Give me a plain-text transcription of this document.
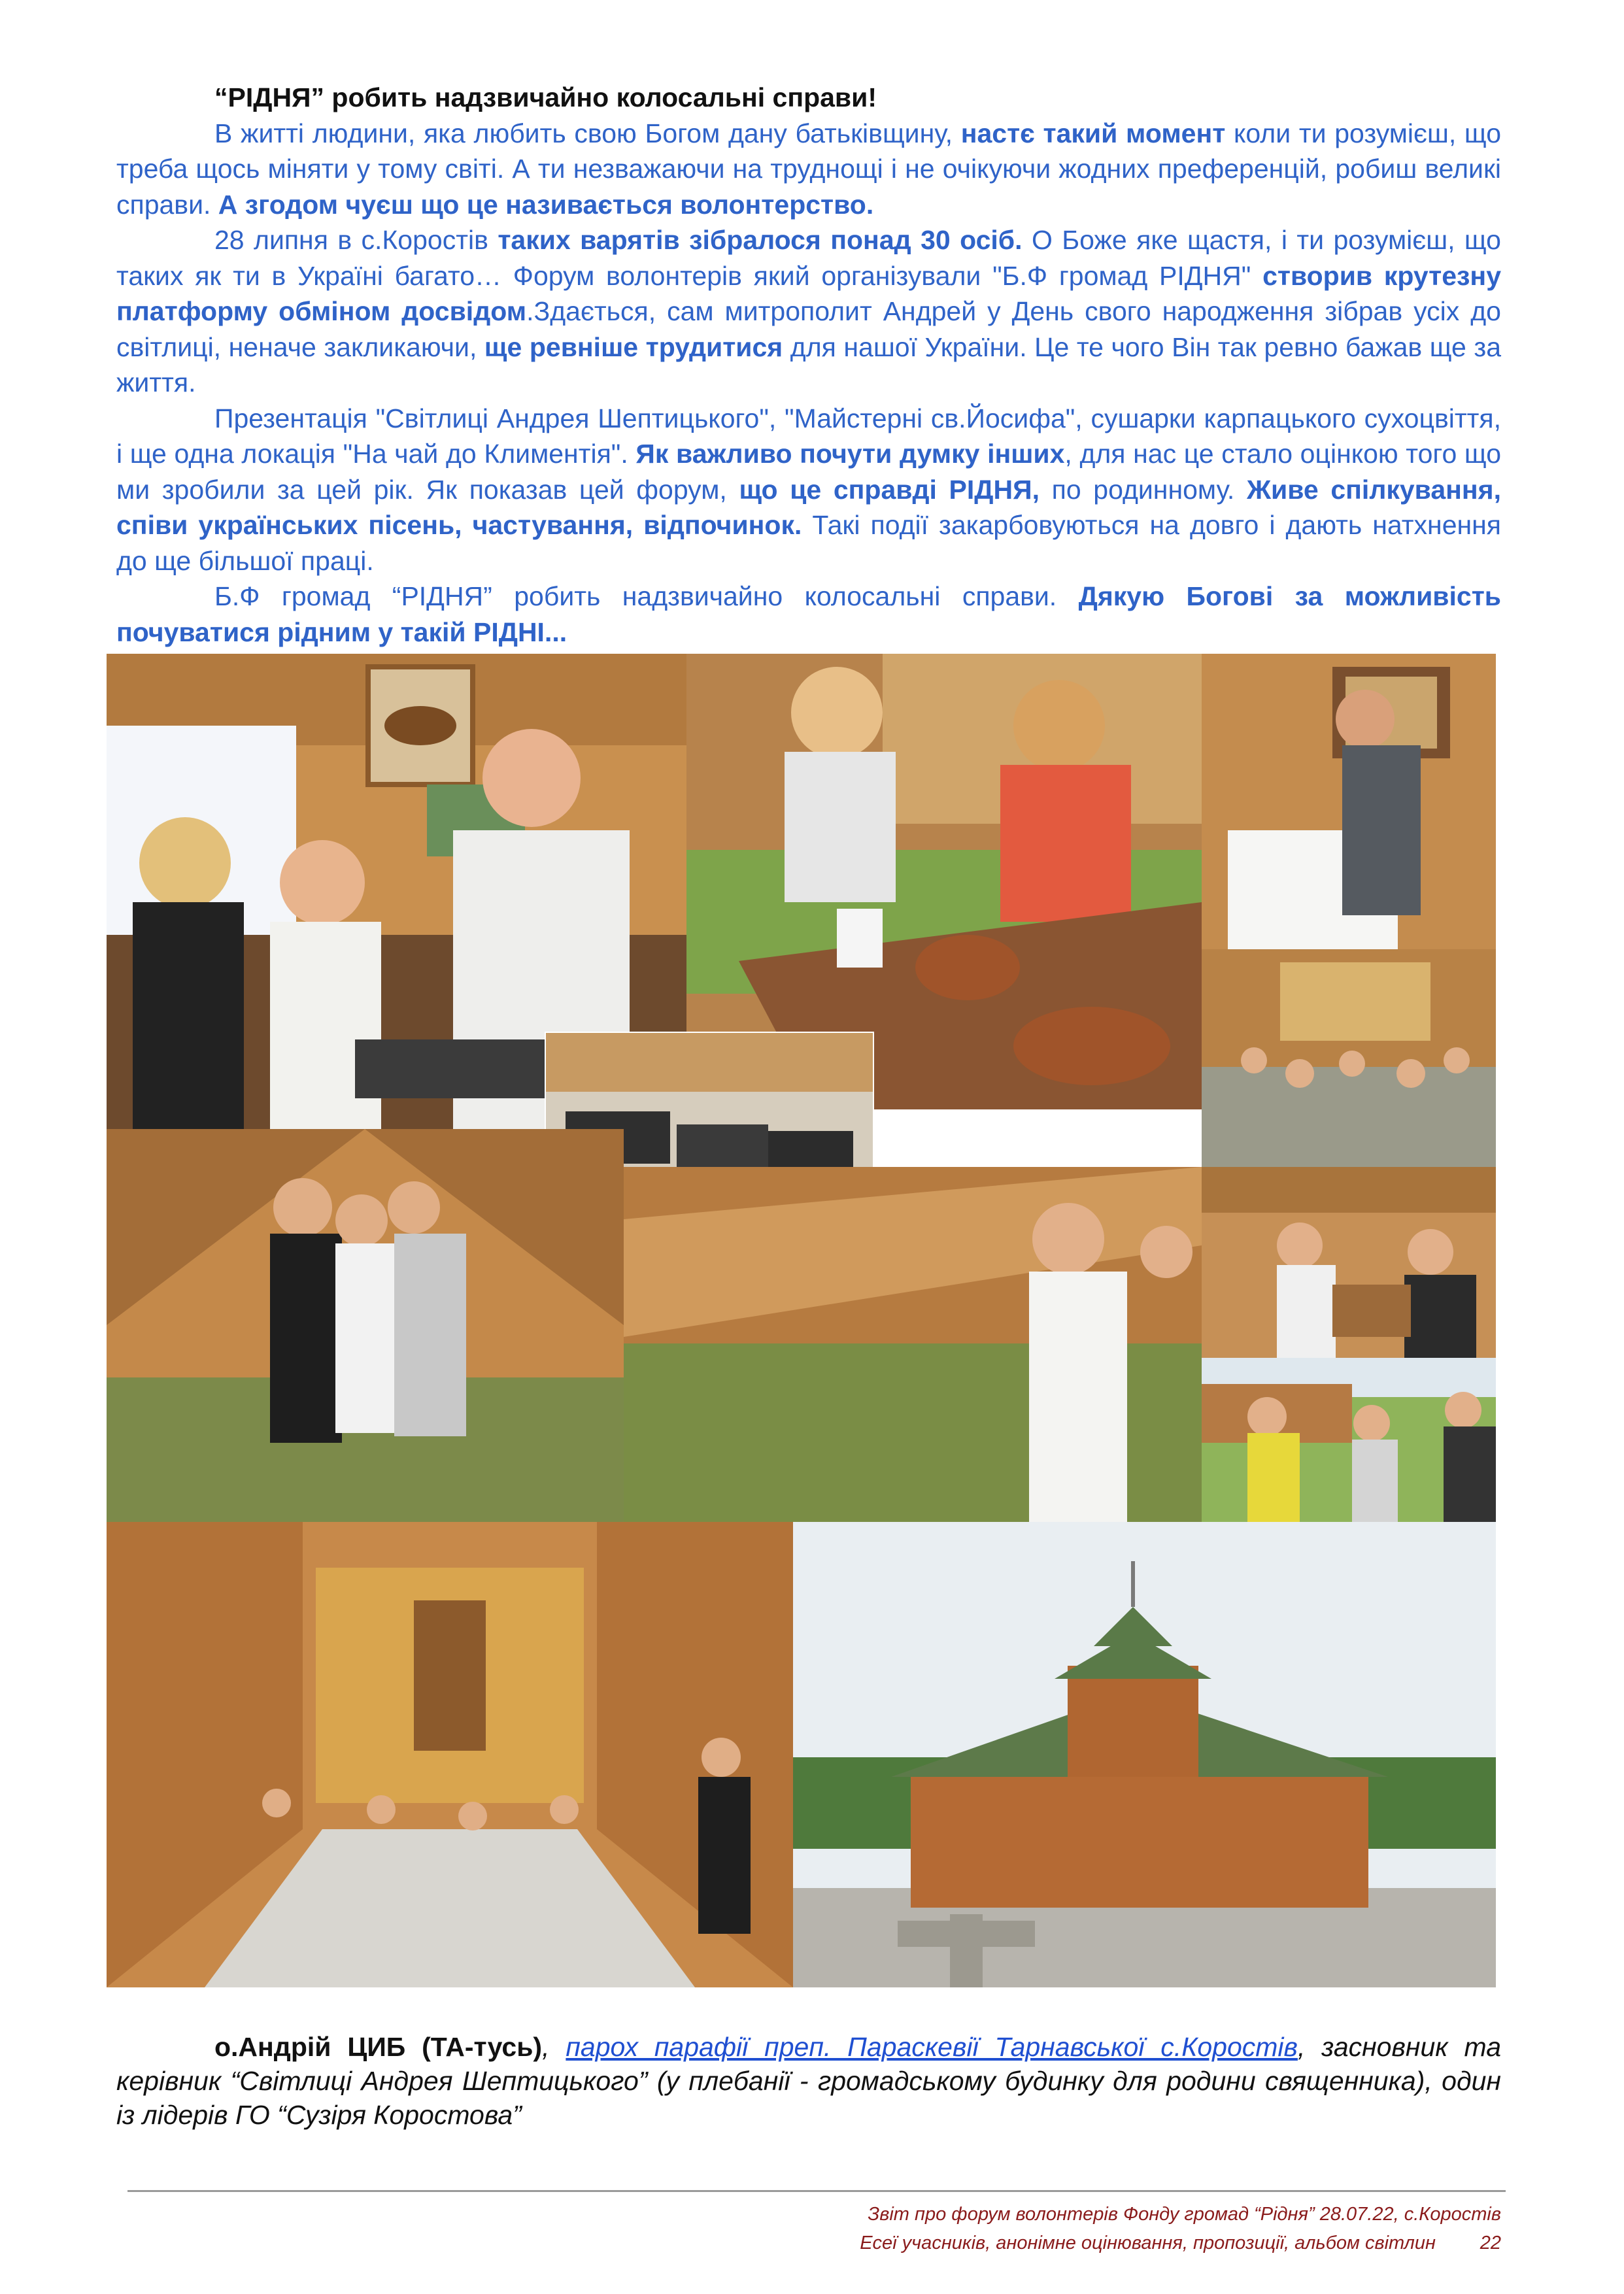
“РІДНЯ” робить надзвичайно колосальні справи!

В житті людини, яка любить свою Богом дану батьківщину, настє такий момент коли ти розумієш, що треба щось міняти у тому світі. А ти незважаючи на труднощі і не очікуючи жодних преференцій, робиш великі справи. А згодом чуєш що це називається волонтерство.

28 липня в с.Коростів таких варятів зібралося понад 30 осіб. О Боже яке щастя, і ти розумієш, що таких як ти в Україні багато… Форум волонтерів який організували "Б.Ф громад РІДНЯ" створив крутезну платформу обміном досвідом.Здається, сам митрополит Андрей у День свого народження зібрав усіх до світлиці, неначе закликаючи, ще ревніше трудитися для нашої України. Це те чого Він так ревно бажав ще за життя.

Презентація "Світлиці Андрея Шептицького", "Майстерні св.Йосифа", сушарки карпацького сухоцвіття, і ще одна локація "На чай до Климентія". Як важливо почути думку інших, для нас це стало оцінкою того що ми зробили за цей рік. Як показав цей форум, що це справді РІДНЯ, по родинному. Живе спілкування, співи українських пісень, частування, відпочинок. Такі події закарбовуються на довго і дають натхнення до ще більшої праці.

Б.Ф громад “РІДНЯ” робить надзвичайно колосальні справи. Дякую Богові за можливість почуватися рідним у такій РІДНІ...

о.Андрій ЦИБ (ТА-тусь), парох парафії преп. Параскевії Тарнавської с.Коростів, засновник та керівник “Світлиці Андрея Шептицького” (у плебанії - громадському будинку для родини священника), один із лідерів ГО “Сузіря Коростова”
Звіт про форум волонтерів Фонду громад “Рідня” 28.07.22, с.Коростів
Есеї учасників, анонімне оцінювання, пропозиції, альбом світлин 22
